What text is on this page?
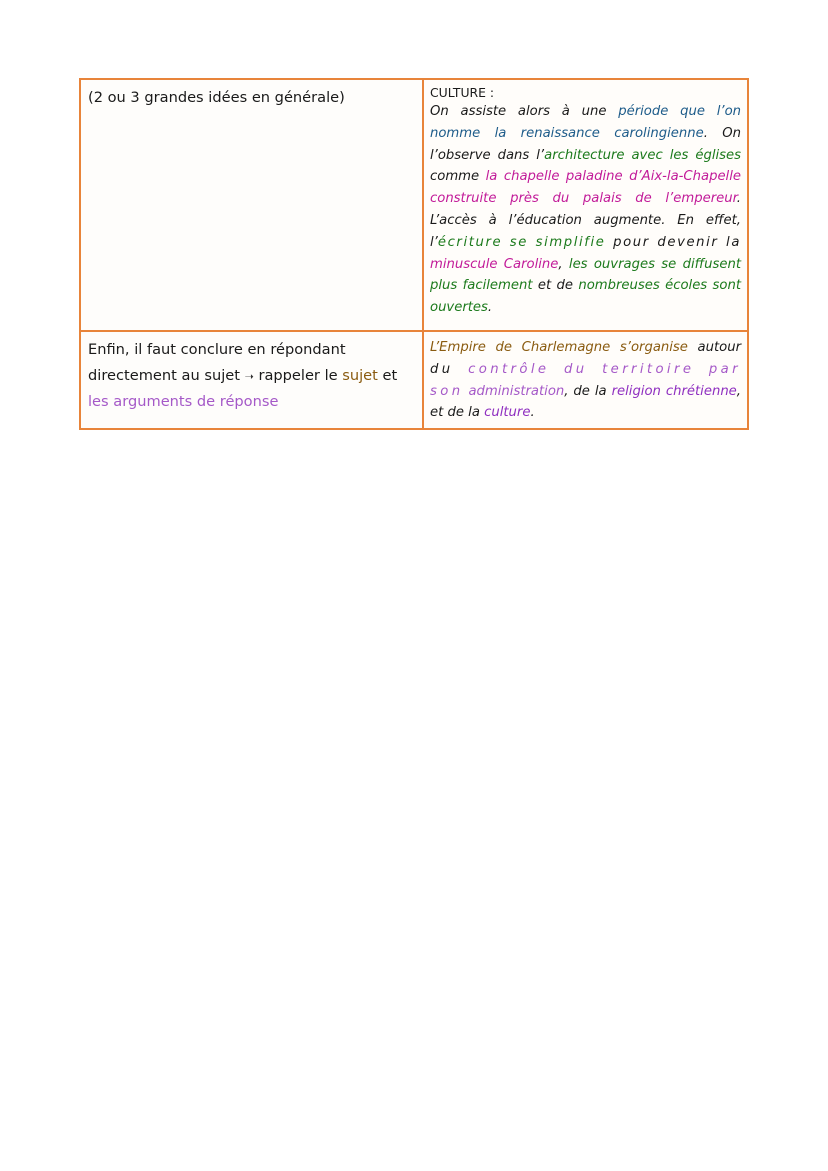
(2 ou 3 grandes idées en générale)	CULTURE :
On assiste alors à une période que l’on nomme la renaissance carolingienne. On l’observe dans l’architecture avec les églises comme la chapelle paladine d’Aix-la-Chapelle construite près du palais de l’empereur. L’accès à l’éducation augmente. En effet, l’écriture se simplifie pour devenir la minuscule Caroline, les ouvrages se diffusent plus facilement et de nombreuses écoles sont ouvertes.
Enfin, il faut conclure en répondant directement au sujet ➝ rappeler le sujet et les arguments de réponse	L’Empire de Charlemagne s’organise autour du contrôle du territoire par son administration, de la religion chrétienne, et de la culture.
